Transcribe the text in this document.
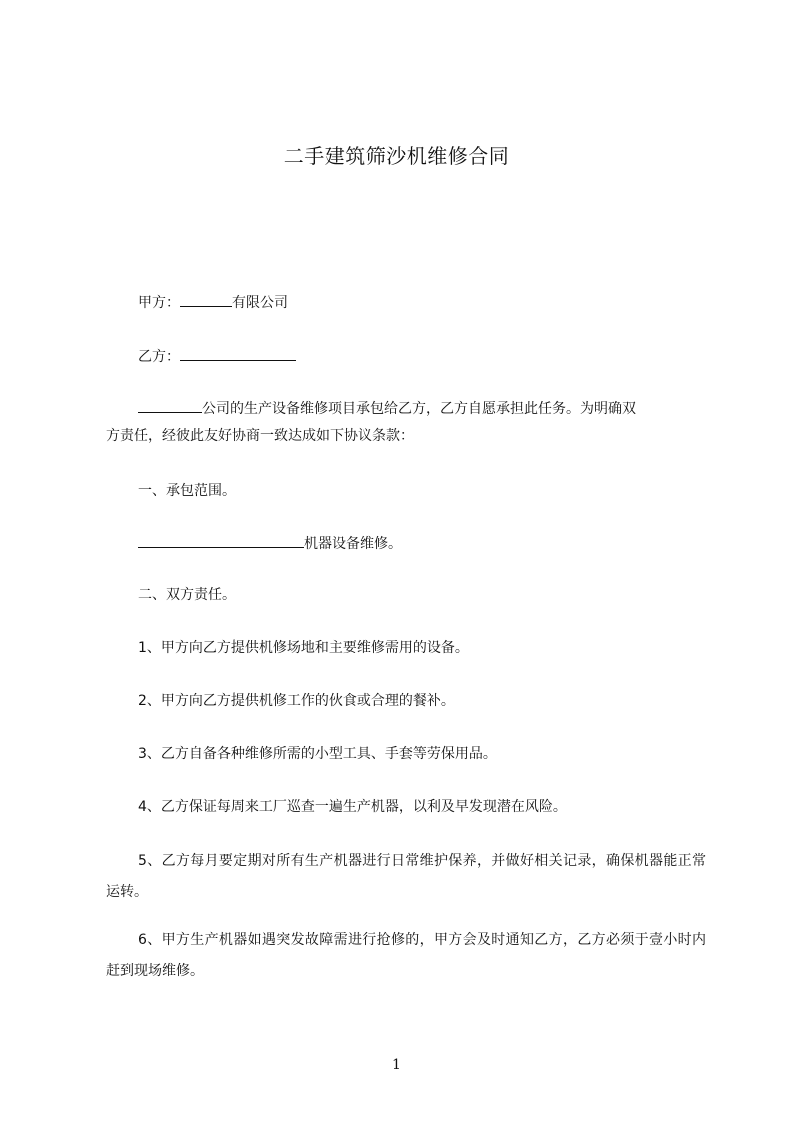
二手建筑筛沙机维修合同
甲方：	有限公司
乙方：
公司的生产设备维修项目承包给乙方，乙方自愿承担此任务。为明确双
方责任，经彼此友好协商一致达成如下协议条款：
一、承包范围。
机器设备维修。
二、双方责任。
1、甲方向乙方提供机修场地和主要维修需用的设备。
2、甲方向乙方提供机修工作的伙食或合理的餐补。
3、乙方自备各种维修所需的小型工具、手套等劳保用品。
4、乙方保证每周来工厂巡查一遍生产机器，以利及早发现潜在风险。
5、乙方每月要定期对所有生产机器进行日常维护保养，并做好相关记录，确保机器能正常运转。
6、甲方生产机器如遇突发故障需进行抢修的，甲方会及时通知乙方，乙方必须于壹小时内赶到现场维修。
1
